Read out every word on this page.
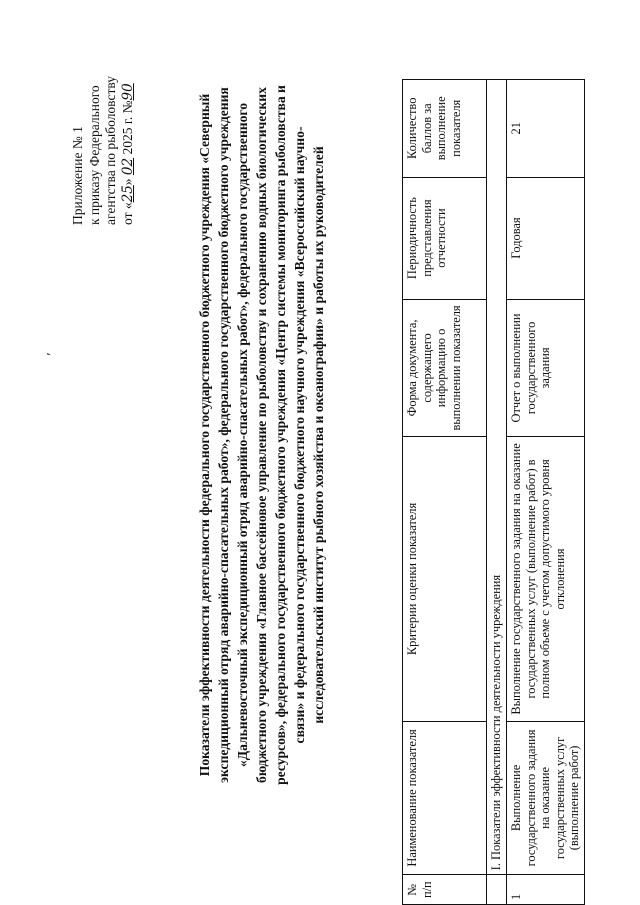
'
Приложение № 1 к приказу Федерального агентства по рыболовству от «25» 02 2025 г. №90
Показатели эффективности деятельности федерального государственного бюджетного учреждения «Северный экспедиционный отряд аварийно-спасательных работ», федерального государственного бюджетного учреждения «Дальневосточный экспедиционный отряд аварийно-спасательных работ», федерального государственного бюджетного учреждения «Главное бассейновое управление по рыболовству и сохранению водных биологических ресурсов», федерального государственного бюджетного учреждения «Центр системы мониторинга рыболовства и связи» и федерального государственного бюджетного научного учреждения «Всероссийский научно- исследовательский институт рыбного хозяйства и океанографии» и работы их руководителей
№ п/п	Наименование показателя	Критерии оценки показателя	Форма документа, содержащего информацию о выполнении показателя	Периодичность представления отчетности	Количество баллов за выполнение показателя
	I. Показатели эффективности деятельности учреждения				
1	Выполнение государственного задания на оказание государственных услуг (выполнение работ)	Выполнение государственного задания на оказание государственных услуг (выполнение работ) в полном объеме с учетом допустимого уровня отклонения	Отчет о выполнении государственного задания	Годовая	21
